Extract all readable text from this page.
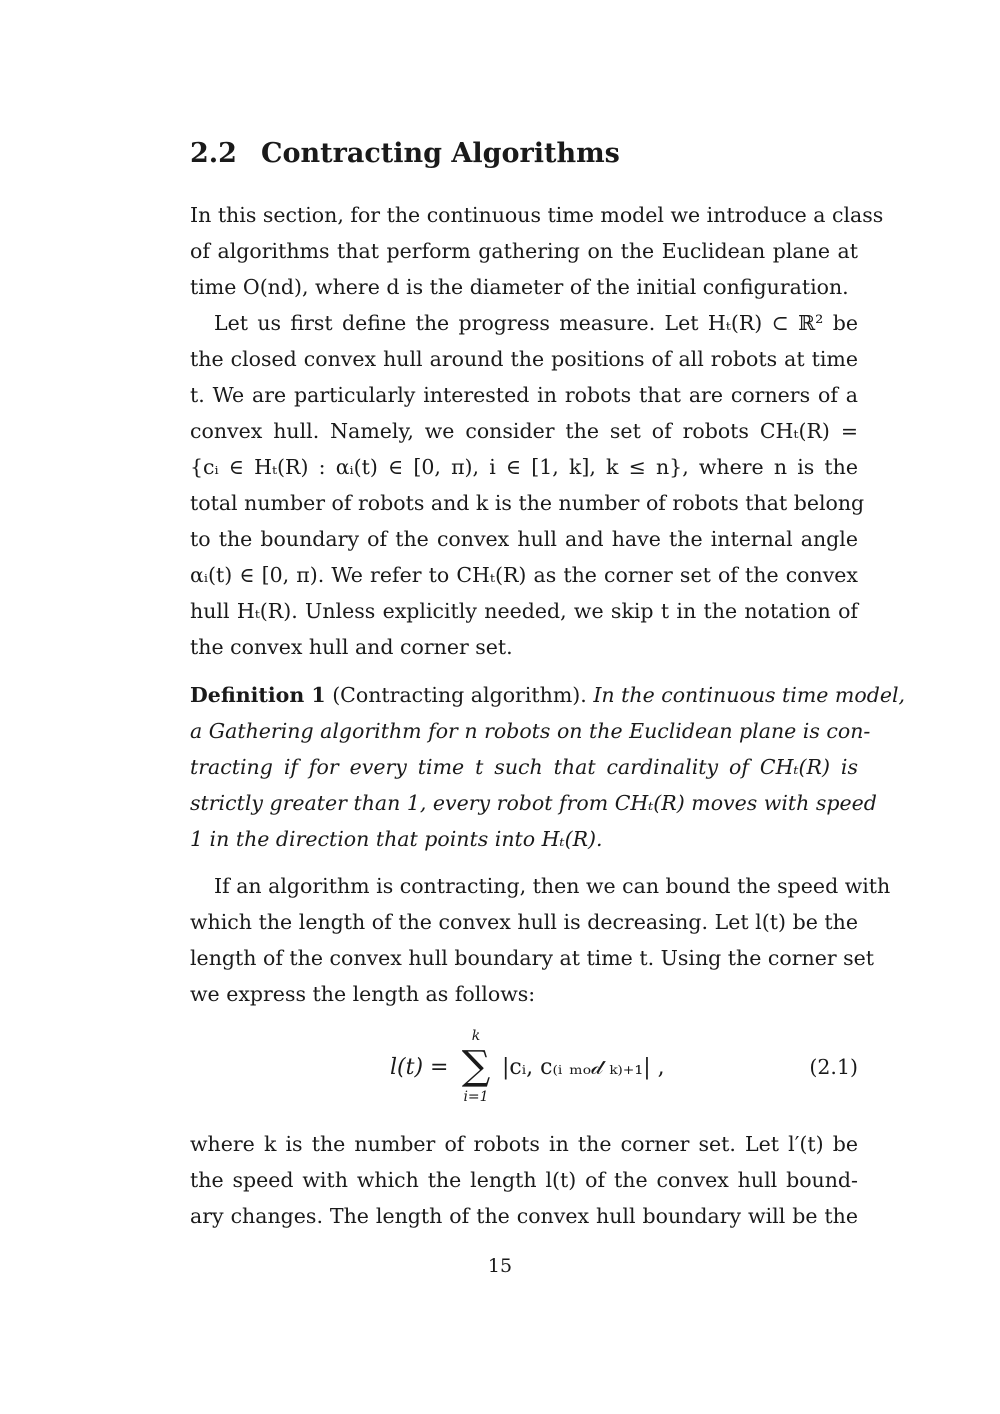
2.2 Contracting Algorithms
In this section, for the continuous time model we introduce a class
of algorithms that perform gathering on the Euclidean plane at
time O(nd), where d is the diameter of the initial configuration.
Let us first define the progress measure. Let Hₜ(R) ⊂ ℝ² be
the closed convex hull around the positions of all robots at time
t. We are particularly interested in robots that are corners of a
convex hull. Namely, we consider the set of robots CHₜ(R) =
{cᵢ ∈ Hₜ(R) : αᵢ(t) ∈ [0, π), i ∈ [1, k], k ≤ n}, where n is the
total number of robots and k is the number of robots that belong
to the boundary of the convex hull and have the internal angle
αᵢ(t) ∈ [0, π). We refer to CHₜ(R) as the corner set of the convex
hull Hₜ(R). Unless explicitly needed, we skip t in the notation of
the convex hull and corner set.
Definition 1 (Contracting algorithm). In the continuous time model,
a Gathering algorithm for n robots on the Euclidean plane is con-
tracting if for every time t such that cardinality of CHₜ(R) is
strictly greater than 1, every robot from CHₜ(R) moves with speed
1 in the direction that points into Hₜ(R).
If an algorithm is contracting, then we can bound the speed with
which the length of the convex hull is decreasing. Let l(t) be the
length of the convex hull boundary at time t. Using the corner set
we express the length as follows:
l(t) =
k
∑
i=1
|cᵢ, c₍ᵢ ₘₒ𝒹 ₖ₎₊₁| ,	(2.1)
where k is the number of robots in the corner set. Let l′(t) be
the speed with which the length l(t) of the convex hull bound-
ary changes. The length of the convex hull boundary will be the
15
